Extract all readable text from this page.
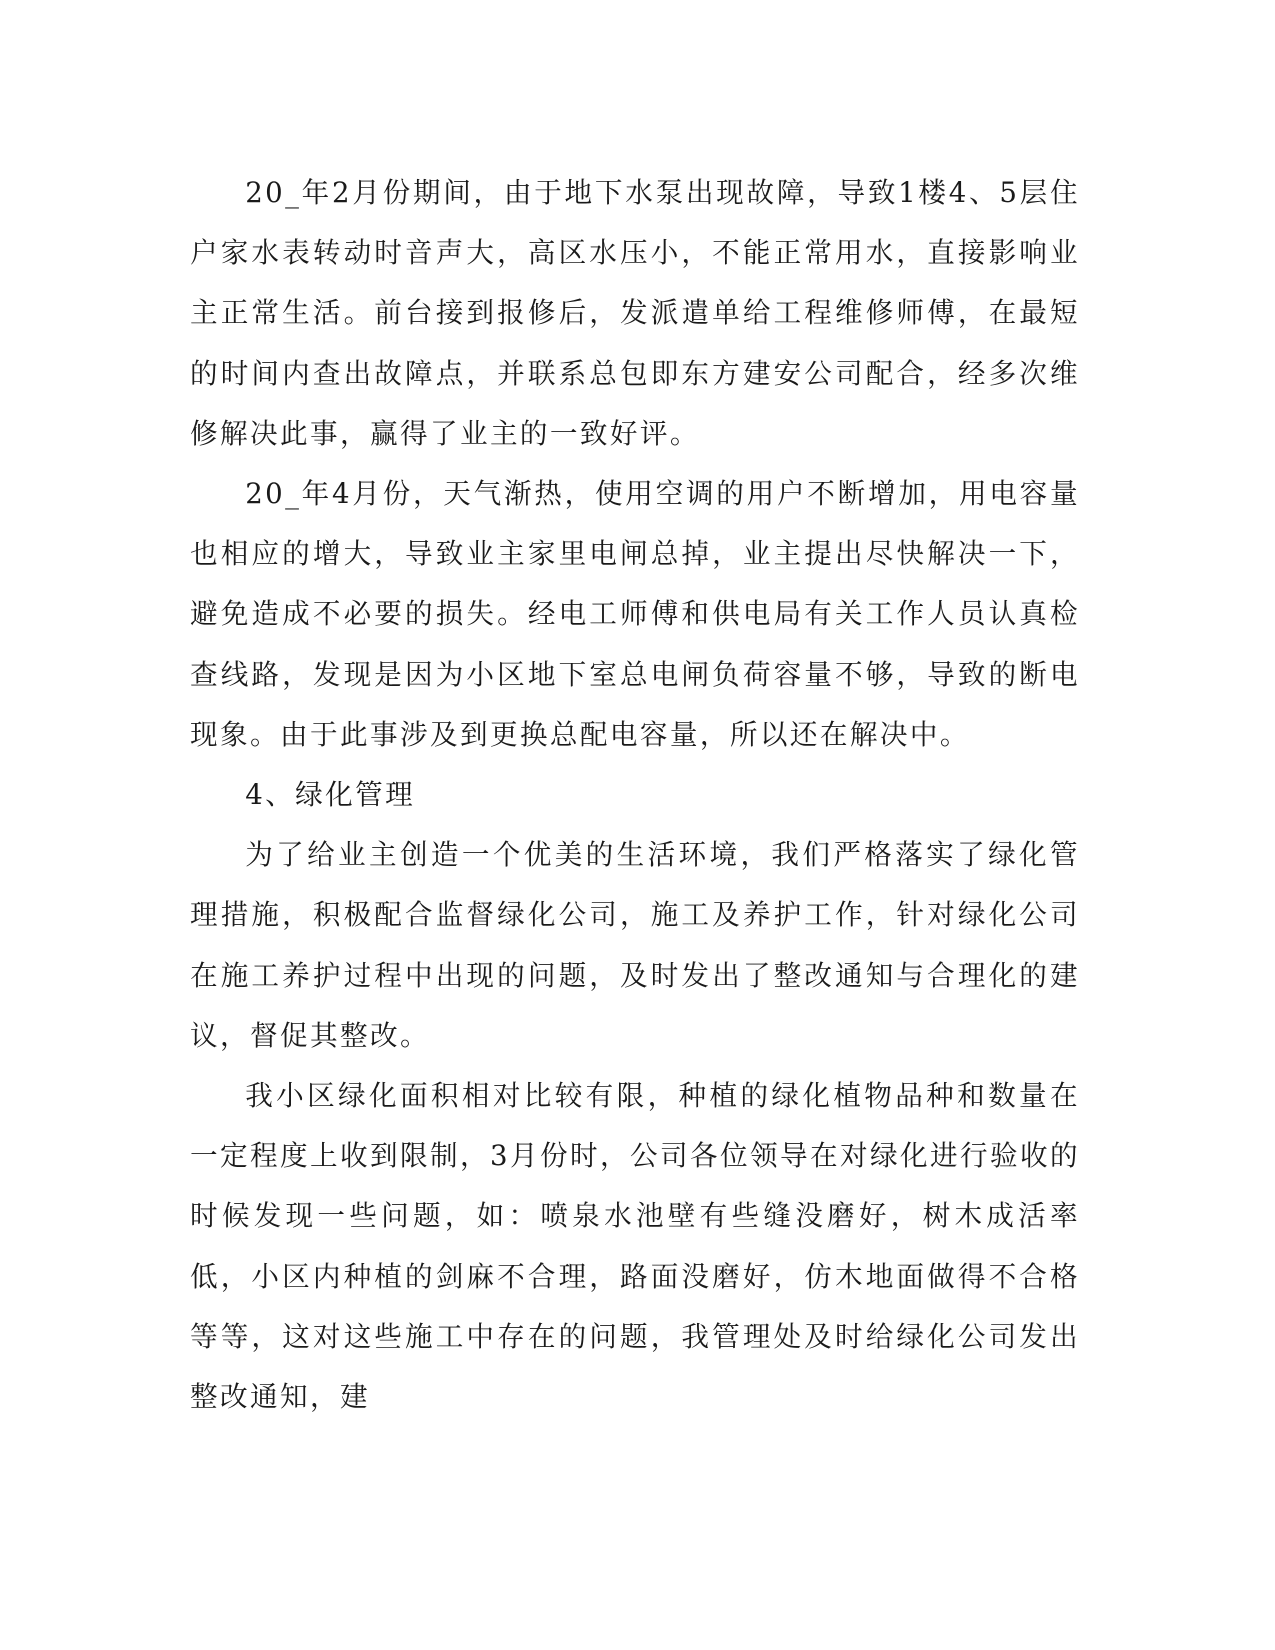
20_年2月份期间，由于地下水泵出现故障，导致1楼4、5层住户家水表转动时音声大，高区水压小，不能正常用水，直接影响业主正常生活。前台接到报修后，发派遣单给工程维修师傅，在最短的时间内查出故障点，并联系总包即东方建安公司配合，经多次维修解决此事，赢得了业主的一致好评。

20_年4月份，天气渐热，使用空调的用户不断增加，用电容量也相应的增大，导致业主家里电闸总掉，业主提出尽快解决一下，避免造成不必要的损失。经电工师傅和供电局有关工作人员认真检查线路，发现是因为小区地下室总电闸负荷容量不够，导致的断电现象。由于此事涉及到更换总配电容量，所以还在解决中。

4、绿化管理

为了给业主创造一个优美的生活环境，我们严格落实了绿化管理措施，积极配合监督绿化公司，施工及养护工作，针对绿化公司在施工养护过程中出现的问题，及时发出了整改通知与合理化的建议，督促其整改。

我小区绿化面积相对比较有限，种植的绿化植物品种和数量在一定程度上收到限制，3月份时，公司各位领导在对绿化进行验收的时候发现一些问题，如：喷泉水池壁有些缝没磨好，树木成活率低，小区内种植的剑麻不合理，路面没磨好，仿木地面做得不合格等等，这对这些施工中存在的问题，我管理处及时给绿化公司发出整改通知，建
